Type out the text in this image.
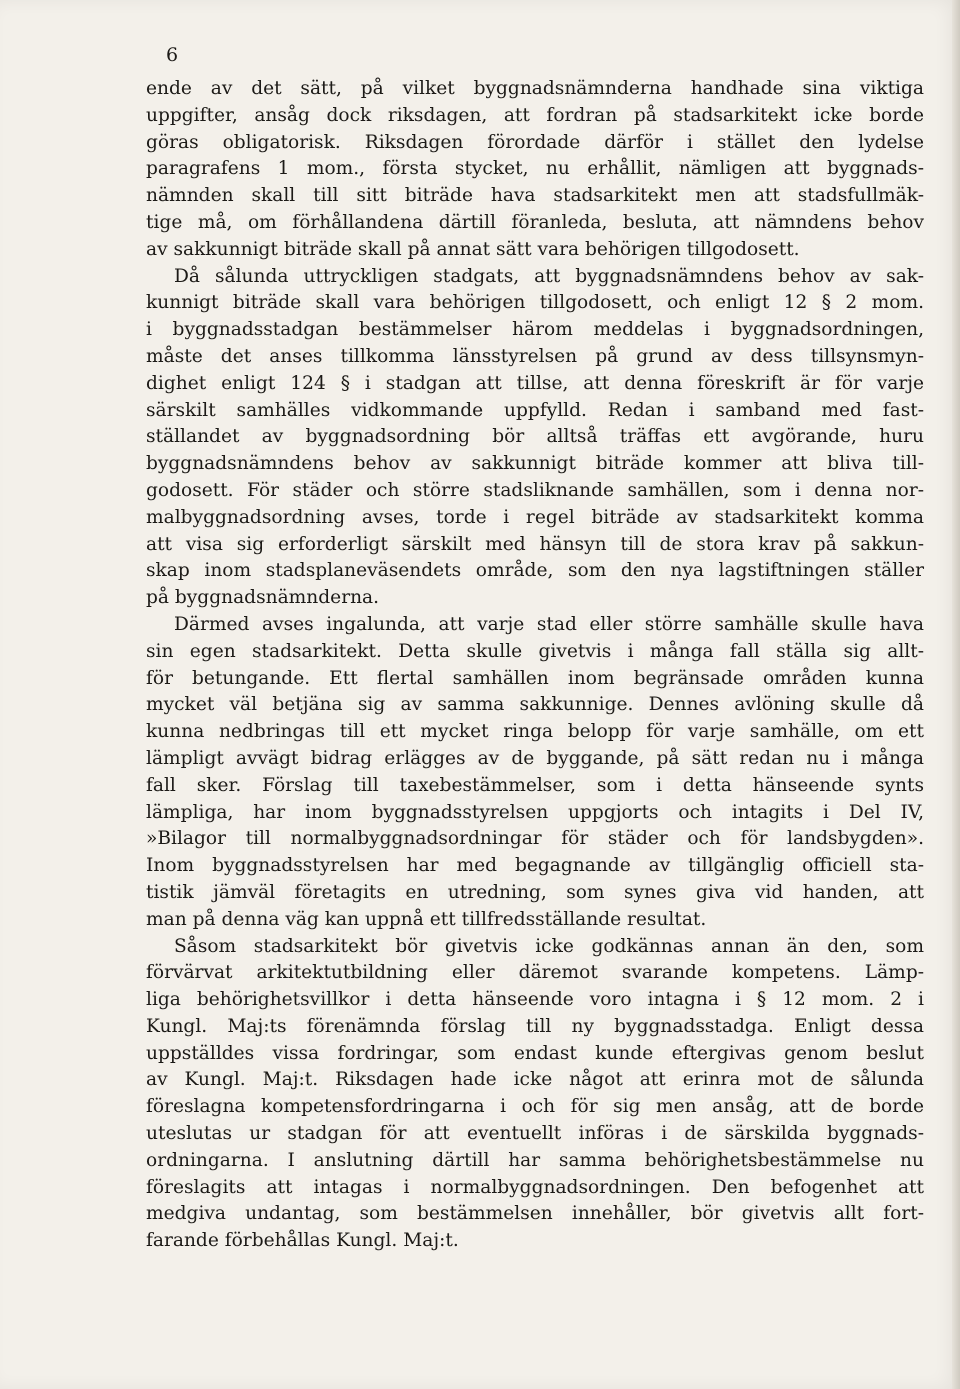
6
ende av det sätt, på vilket byggnadsnämnderna handhade sina viktiga
uppgifter, ansåg dock riksdagen, att fordran på stadsarkitekt icke borde
göras obligatorisk. Riksdagen förordade därför i stället den lydelse
paragrafens 1 mom., första stycket, nu erhållit, nämligen att byggnads-
nämnden skall till sitt biträde hava stadsarkitekt men att stadsfullmäk-
tige må, om förhållandena därtill föranleda, besluta, att nämndens behov
av sakkunnigt biträde skall på annat sätt vara behörigen tillgodosett.
Då sålunda uttryckligen stadgats, att byggnadsnämndens behov av sak-
kunnigt biträde skall vara behörigen tillgodosett, och enligt 12 § 2 mom.
i byggnadsstadgan bestämmelser härom meddelas i byggnadsordningen,
måste det anses tillkomma länsstyrelsen på grund av dess tillsynsmyn-
dighet enligt 124 § i stadgan att tillse, att denna föreskrift är för varje
särskilt samhälles vidkommande uppfylld. Redan i samband med fast-
ställandet av byggnadsordning bör alltså träffas ett avgörande, huru
byggnadsnämndens behov av sakkunnigt biträde kommer att bliva till-
godosett. För städer och större stadsliknande samhällen, som i denna nor-
malbyggnadsordning avses, torde i regel biträde av stadsarkitekt komma
att visa sig erforderligt särskilt med hänsyn till de stora krav på sakkun-
skap inom stadsplaneväsendets område, som den nya lagstiftningen ställer
på byggnadsnämnderna.
Därmed avses ingalunda, att varje stad eller större samhälle skulle hava
sin egen stadsarkitekt. Detta skulle givetvis i många fall ställa sig allt-
för betungande. Ett flertal samhällen inom begränsade områden kunna
mycket väl betjäna sig av samma sakkunnige. Dennes avlöning skulle då
kunna nedbringas till ett mycket ringa belopp för varje samhälle, om ett
lämpligt avvägt bidrag erlägges av de byggande, på sätt redan nu i många
fall sker. Förslag till taxebestämmelser, som i detta hänseende synts
lämpliga, har inom byggnadsstyrelsen uppgjorts och intagits i Del IV,
»Bilagor till normalbyggnadsordningar för städer och för landsbygden».
Inom byggnadsstyrelsen har med begagnande av tillgänglig officiell sta-
tistik jämväl företagits en utredning, som synes giva vid handen, att
man på denna väg kan uppnå ett tillfredsställande resultat.
Såsom stadsarkitekt bör givetvis icke godkännas annan än den, som
förvärvat arkitektutbildning eller däremot svarande kompetens. Lämp-
liga behörighetsvillkor i detta hänseende voro intagna i § 12 mom. 2 i
Kungl. Maj:ts förenämnda förslag till ny byggnadsstadga. Enligt dessa
uppställdes vissa fordringar, som endast kunde eftergivas genom beslut
av Kungl. Maj:t. Riksdagen hade icke något att erinra mot de sålunda
föreslagna kompetensfordringarna i och för sig men ansåg, att de borde
uteslutas ur stadgan för att eventuellt införas i de särskilda byggnads-
ordningarna. I anslutning därtill har samma behörighetsbestämmelse nu
föreslagits att intagas i normalbyggnadsordningen. Den befogenhet att
medgiva undantag, som bestämmelsen innehåller, bör givetvis allt fort-
farande förbehållas Kungl. Maj:t.
